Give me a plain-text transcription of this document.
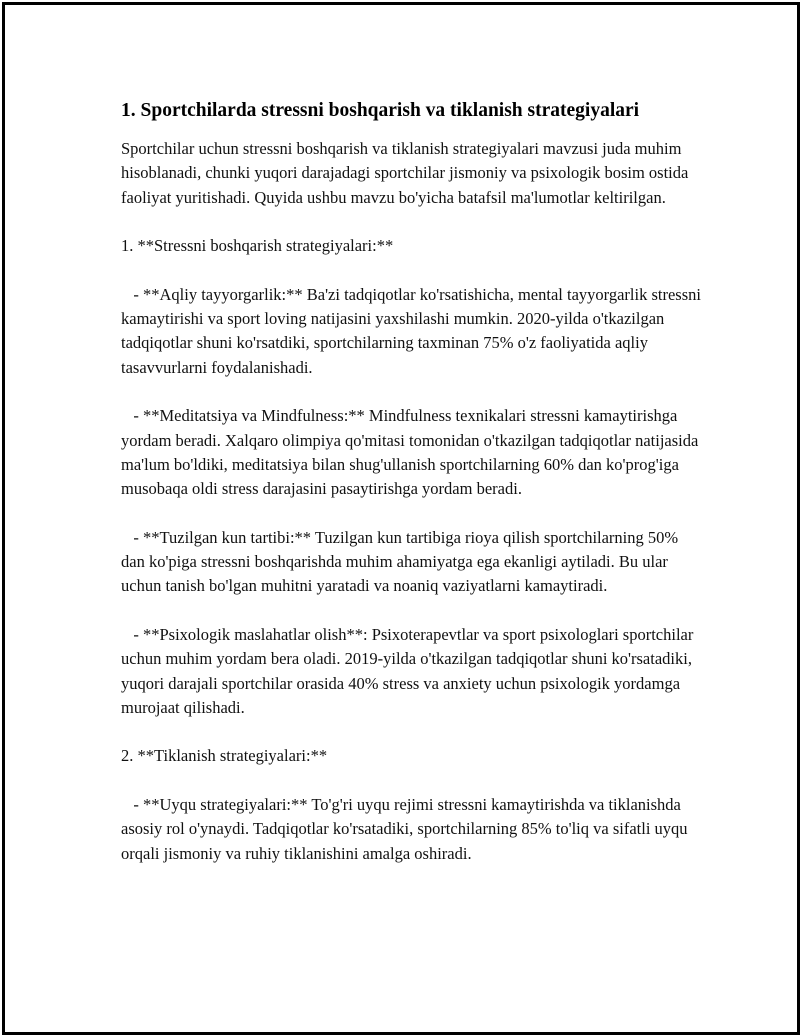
1. Sportchilarda stressni boshqarish va tiklanish strategiyalari

Sportchilar uchun stressni boshqarish va tiklanish strategiyalari mavzusi juda muhim hisoblanadi, chunki yuqori darajadagi sportchilar jismoniy va psixologik bosim ostida faoliyat yuritishadi. Quyida ushbu mavzu bo'yicha batafsil ma'lumotlar keltirilgan.

1. **Stressni boshqarish strategiyalari:**

- **Aqliy tayyorgarlik:** Ba'zi tadqiqotlar ko'rsatishicha, mental tayyorgarlik stressni kamaytirishi va sport loving natijasini yaxshilashi mumkin. 2020-yilda o'tkazilgan tadqiqotlar shuni ko'rsatdiki, sportchilarning taxminan 75% o'z faoliyatida aqliy tasavvurlarni foydalanishadi.

- **Meditatsiya va Mindfulness:** Mindfulness texnikalari stressni kamaytirishga yordam beradi. Xalqaro olimpiya qo'mitasi tomonidan o'tkazilgan tadqiqotlar natijasida ma'lum bo'ldiki, meditatsiya bilan shug'ullanish sportchilarning 60% dan ko'prog'iga musobaqa oldi stress darajasini pasaytirishga yordam beradi.

- **Tuzilgan kun tartibi:** Tuzilgan kun tartibiga rioya qilish sportchilarning 50% dan ko'piga stressni boshqarishda muhim ahamiyatga ega ekanligi aytiladi. Bu ular uchun tanish bo'lgan muhitni yaratadi va noaniq vaziyatlarni kamaytiradi.

- **Psixologik maslahatlar olish**: Psixoterapevtlar va sport psixologlari sportchilar uchun muhim yordam bera oladi. 2019-yilda o'tkazilgan tadqiqotlar shuni ko'rsatadiki, yuqori darajali sportchilar orasida 40% stress va anxiety uchun psixologik yordamga murojaat qilishadi.

2. **Tiklanish strategiyalari:**

- **Uyqu strategiyalari:** To'g'ri uyqu rejimi stressni kamaytirishda va tiklanishda asosiy rol o'ynaydi. Tadqiqotlar ko'rsatadiki, sportchilarning 85% to'liq va sifatli uyqu orqali jismoniy va ruhiy tiklanishini amalga oshiradi.
